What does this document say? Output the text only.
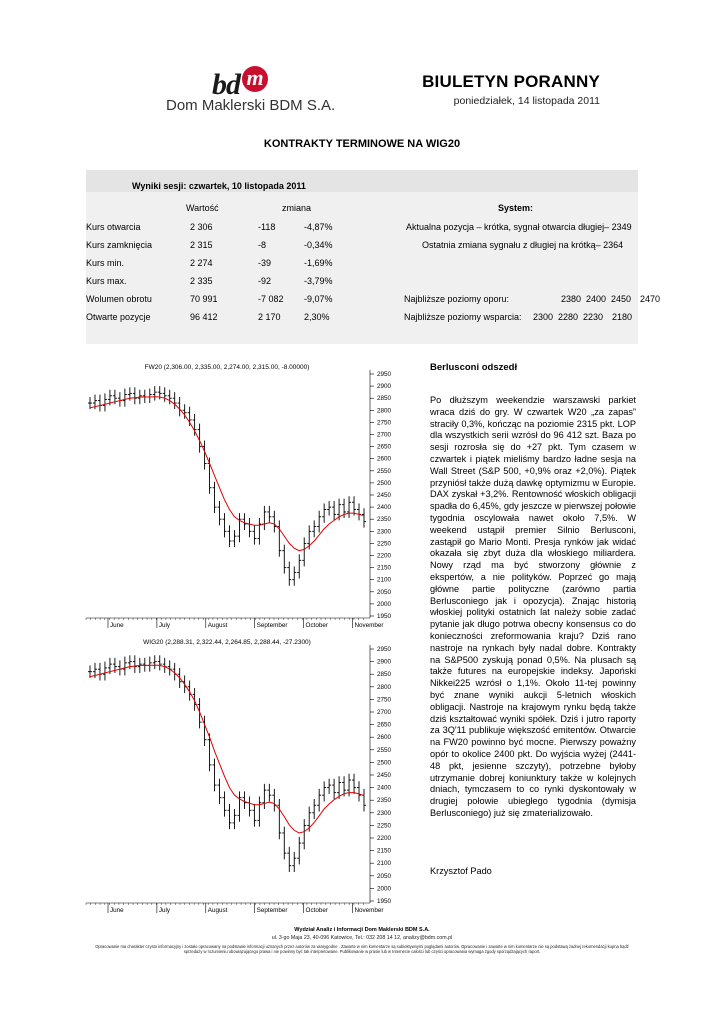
bd m
Dom Maklerski BDM S.A.
BIULETYN PORANNY
poniedziałek, 14 listopada 2011
KONTRAKTY TERMINOWE NA WIG20
Wyniki sesji: czwartek, 10 listopada 2011
Wartość	zmiana	System:
Kurs otwarcia	2 306	-118	-4,87%
Kurs zamknięcia	2 315	-8	-0,34%
Kurs min.	2 274	-39	-1,69%
Kurs max.	2 335	-92	-3,79%
Wolumen obrotu	70 991	-7 082 -9,07%
Otwarte pozycje	96 412	2 170	2,30%
Aktualna pozycja – krótka, sygnał otwarcia długiej– 2349
Ostatnia zmiana sygnału z długiej na krótką– 2364
Najbliższe poziomy oporu:	2380 2400 2450 2470
Najbliższe poziomy wsparcia: 2300 2280 2230 2180
FW20 (2,306.00, 2,335.00, 2,274.00, 2,315.00, -8.00000)
2950
2900
2850
2800
2750
2700
2650
2600
2550
2500
2450
2400
2350
2300
2250
2200
2150
2100
2050
2000
1950
June	July	August	September	October	November
WIG20 (2,288.31, 2,322.44, 2,264.85, 2,288.44, -27.2300)
2950
2900
2850
2800
2750
2700
2650
2600
2550
2500
2450
2400
2350
2300
2250
2200
2150
2100
2050
2000
1950
June	July	August	September	October	November
Berlusconi odszedł
Po dłuższym weekendzie warszawski parkiet wraca dziś do gry. W czwartek W20 „za zapas” straciły 0,3%, kończąc na poziomie 2315 pkt. LOP dla wszystkich serii wzrósł do 96 412 szt. Baza po sesji rozrosła się do +27 pkt. Tym czasem w czwartek i piątek mieliśmy bardzo ładne sesja na Wall Street (S&P 500, +0,9% oraz +2,0%). Piątek przyniósł także dużą dawkę optymizmu w Europie. DAX zyskał +3,2%. Rentowność włoskich obligacji spadła do 6,45%, gdy jeszcze w pierwszej połowie tygodnia oscylowała nawet około 7,5%. W weekend ustąpił premier Silnio Berlusconi, zastąpił go Mario Monti. Presja rynków jak widać okazała się zbyt duża dla włoskiego miliardera. Nowy rząd ma być stworzony głównie z ekspertów, a nie polityków. Poprzeć go mają główne partie polityczne (zarówno partia Berlusconiego jak i opozycja). Znając historią włoskiej polityki ostatnich lat należy sobie zadać pytanie jak długo potrwa obecny konsensus co do konieczności zreformowania kraju? Dziś rano nastroje na rynkach były nadal dobre. Kontrakty na S&P500 zyskują ponad 0,5%. Na plusach są także futures na europejskie indeksy. Japoński Nikkei225 wzrósł o 1,1%. Około 11-tej powinny być znane wyniki aukcji 5-letnich włoskich obligacji. Nastroje na krajowym rynku będą także dziś kształtować wyniki spółek. Dziś i jutro raporty za 3Q'11 publikuje większość emitentów. Otwarcie na FW20 powinno być mocne. Pierwszy poważny opór to okolice 2400 pkt. Do wyjścia wyżej (2441-48 pkt, jesienne szczyty), potrzebne byłoby utrzymanie dobrej koniunktury także w kolejnych dniach, tymczasem to co rynki dyskontowały w drugiej połowie ubiegłego tygodnia (dymisja Berlusconiego) już się zmaterializowało.
Krzysztof Pado
Wydział Analiz i Informacji Dom Maklerski BDM S.A.
ul. 3-go Maja 23, 40-096 Katowice, Tel.: 032 208 14 12, analizy@bdm.com.pl
Opracowanie ma charakter czysto informacyjny i zostało opracowany na podstawie informacji uznanych przez autorów za wiarygodne . Zawarte w nim komentarze są subiektywnymi poglądami autorów. Opracowanie i zawarte w nim komentarze nie są podstawą żadnej rekomendacji kupna bądź sprzedaży w rozumieniu obowiązującego prawa i nie powinny być tak interpretowane. Publikowanie w prasie lub w Internecie całości lub części opracowania wymaga zgody sporządzających raport.
